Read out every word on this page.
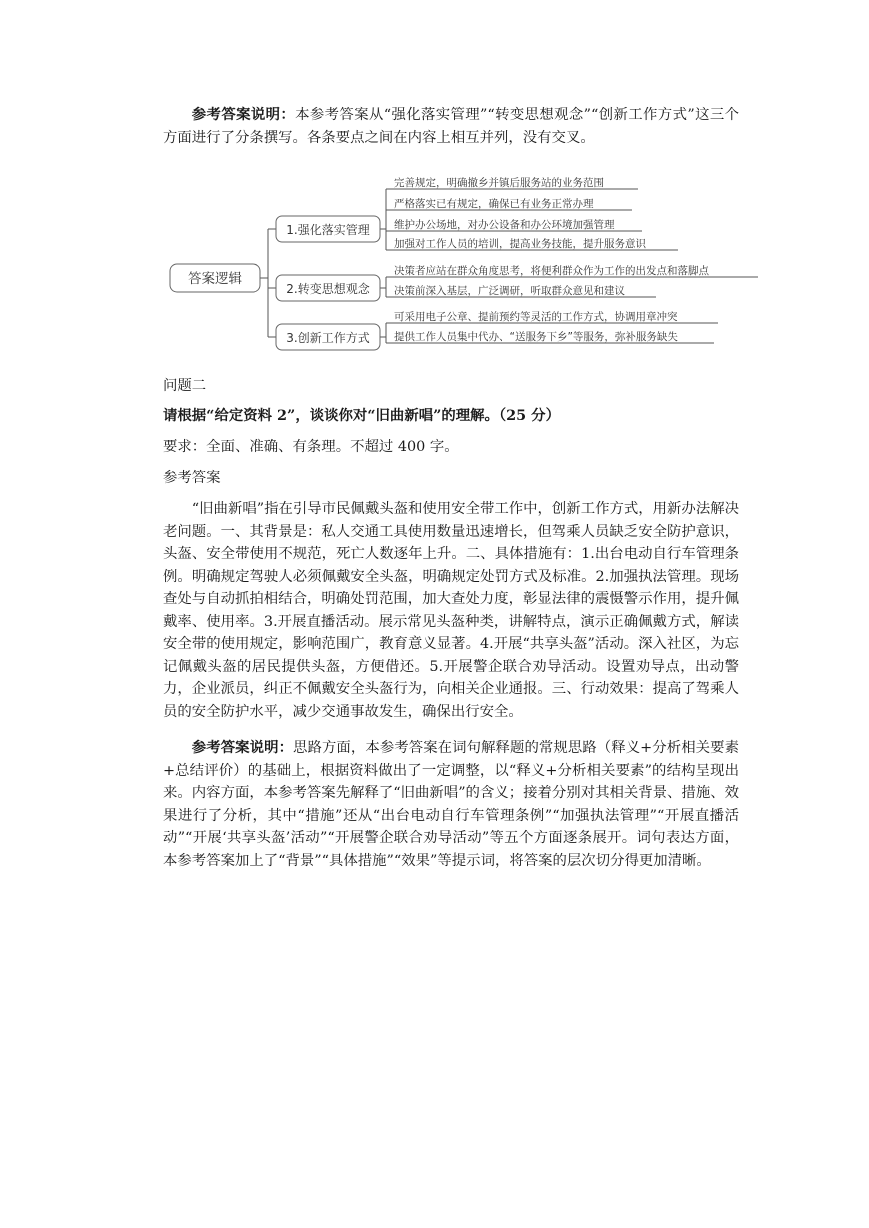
参考答案说明：本参考答案从“强化落实管理”“转变思想观念”“创新工作方式”这三个方面进行了分条撰写。各条要点之间在内容上相互并列，没有交叉。

答案逻辑
1.强化落实管理
2.转变思想观念
3.创新工作方式
完善规定，明确撤乡并镇后服务站的业务范围
严格落实已有规定，确保已有业务正常办理
维护办公场地，对办公设备和办公环境加强管理
加强对工作人员的培训，提高业务技能，提升服务意识
决策者应站在群众角度思考，将便利群众作为工作的出发点和落脚点
决策前深入基层，广泛调研，听取群众意见和建议
可采用电子公章、提前预约等灵活的工作方式，协调用章冲突
提供工作人员集中代办、“送服务下乡”等服务，弥补服务缺失

问题二

请根据“给定资料 2”，谈谈你对“旧曲新唱”的理解。（25 分）

要求：全面、准确、有条理。不超过 400 字。

参考答案

“旧曲新唱”指在引导市民佩戴头盔和使用安全带工作中，创新工作方式，用新办法解决老问题。一、其背景是：私人交通工具使用数量迅速增长，但驾乘人员缺乏安全防护意识，头盔、安全带使用不规范，死亡人数逐年上升。二、具体措施有：1.出台电动自行车管理条例。明确规定驾驶人必须佩戴安全头盔，明确规定处罚方式及标准。2.加强执法管理。现场查处与自动抓拍相结合，明确处罚范围，加大查处力度，彰显法律的震慑警示作用，提升佩戴率、使用率。3.开展直播活动。展示常见头盔种类，讲解特点，演示正确佩戴方式，解读安全带的使用规定，影响范围广，教育意义显著。4.开展“共享头盔”活动。深入社区，为忘记佩戴头盔的居民提供头盔，方便借还。5.开展警企联合劝导活动。设置劝导点，出动警力，企业派员，纠正不佩戴安全头盔行为，向相关企业通报。三、行动效果：提高了驾乘人员的安全防护水平，减少交通事故发生，确保出行安全。

参考答案说明：思路方面，本参考答案在词句解释题的常规思路（释义+分析相关要素+总结评价）的基础上，根据资料做出了一定调整，以“释义+分析相关要素”的结构呈现出来。内容方面，本参考答案先解释了“旧曲新唱”的含义；接着分别对其相关背景、措施、效果进行了分析，其中“措施”还从“出台电动自行车管理条例”“加强执法管理”“开展直播活动”“开展‘共享头盔’活动”“开展警企联合劝导活动”等五个方面逐条展开。词句表达方面，本参考答案加上了“背景”“具体措施”“效果”等提示词，将答案的层次切分得更加清晰。
